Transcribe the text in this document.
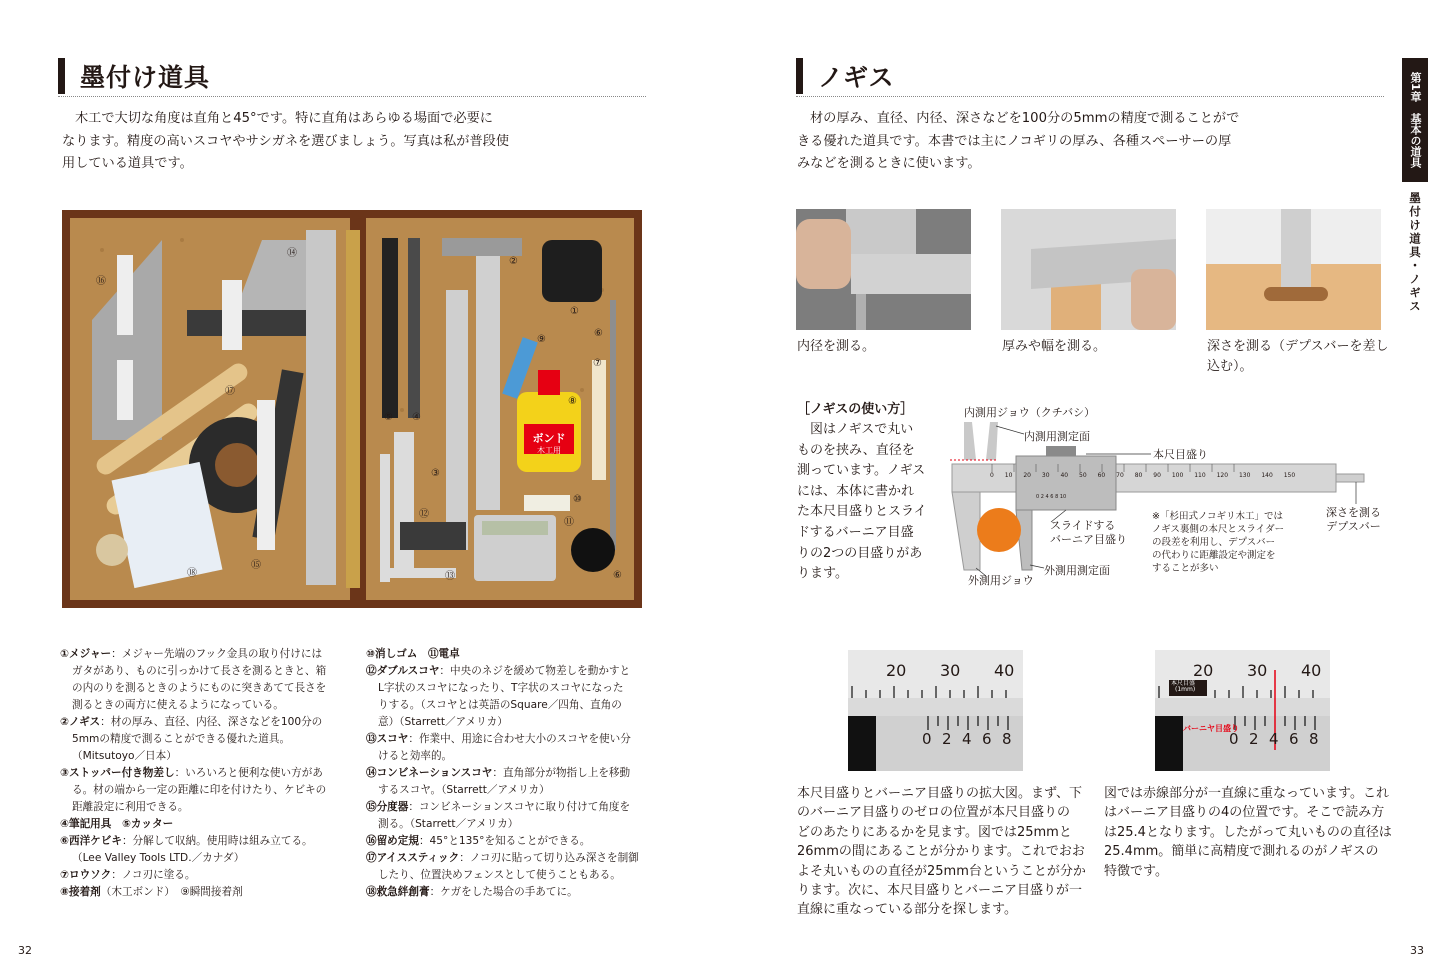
墨付け道具
木工で大切な角度は直角と45°です。特に直角はあらゆる場面で必要に
なります。精度の高いスコヤやサシガネを選びましょう。写真は私が普段使
用している道具です。
ボンド
木工用
①
②
③
④
⑤
⑥
⑦
⑧
⑨
⑩
⑪
⑫
⑬
⑭
⑮
⑯
⑰
⑱	⑥
①メジャー：メジャー先端のフック金具の取り付けには
ガタがあり、ものに引っかけて長さを測るときと、箱
の内のりを測るときのようにものに突きあてて長さを
測るときの両方に使えるようになっている。
②ノギス：材の厚み、直径、内径、深さなどを100分の
5mmの精度で測ることができる優れた道具。
（Mitsutoyo／日本）
③ストッパー付き物差し：いろいろと便利な使い方があ
る。材の端から一定の距離に印を付けたり、ケビキの
距離設定に利用できる。
④筆記用具　⑤カッター
⑥西洋ケビキ：分解して収納。使用時は組み立てる。
（Lee Valley Tools LTD.／カナダ）
⑦ロウソク：ノコ刃に塗る。
⑧接着剤（木工ボンド）　⑨瞬間接着剤
⑩消しゴム　⑪電卓
⑫ダブルスコヤ：中央のネジを緩めて物差しを動かすと
L字状のスコヤになったり、T字状のスコヤになった
りする。（スコヤとは英語のSquare／四角、直角の
意）（Starrett／アメリカ）
⑬スコヤ：作業中、用途に合わせ大小のスコヤを使い分
けると効率的。
⑭コンビネーションスコヤ：直角部分が物指し上を移動
するスコヤ。（Starrett／アメリカ）
⑮分度器：コンビネーションスコヤに取り付けて角度を
測る。（Starrett／アメリカ）
⑯留め定規：45°と135°を知ることができる。
⑰アイススティック：ノコ刃に貼って切り込み深さを制御
したり、位置決めフェンスとして使うこともある。
⑱救急絆創膏：ケガをした場合の手あてに。
32
ノギス
材の厚み、直径、内径、深さなどを100分の5mmの精度で測ることがで
きる優れた道具です。本書では主にノコギリの厚み、各種スペーサーの厚
みなどを測るときに使います。
内径を測る。	厚みや幅を測る。	深さを測る（デプスバーを差し
込む）。
［ノギスの使い方］
図はノギスで丸い
ものを挟み、直径を
測っています。ノギス
には、本体に書かれ
た本尺目盛りとスライ
ドするバーニア目盛
りの2つの目盛りがあ
ります。
0 10 20 30 40 50 60 70 80 90 100 110 120 130 140 150
0 2 4 6 8 10
内測用ジョウ（クチバシ）
内測用測定面
本尺目盛り
スライドする
バーニア目盛り
外測用測定面
外測用ジョウ
深さを測る
デプスバー
※「杉田式ノコギリ木工」では
ノギス裏側の本尺とスライダー
の段差を利用し、デプスバー
の代わりに距離設定や測定を
することが多い
20 30 40
0 2 4 6 8
本尺目盛
(1mm)
バーニヤ目盛り
20 30 40
0 2 4 6 8
本尺目盛りとバーニア目盛りの拡大図。まず、下
のバーニア目盛りのゼロの位置が本尺目盛りの
どのあたりにあるかを見ます。図では25mmと
26mmの間にあることが分かります。これでおお
よそ丸いものの直径が25mm台ということが分か
ります。次に、本尺目盛りとバーニア目盛りが一
直線に重なっている部分を探します。
図では赤線部分が一直線に重なっています。これ
はバーニア目盛りの4の位置です。そこで読み方
は25.4となります。したがって丸いものの直径は
25.4mm。簡単に高精度で測れるのがノギスの
特徴です。
第1章　基本の道具
墨付け道具・ノギス
33
